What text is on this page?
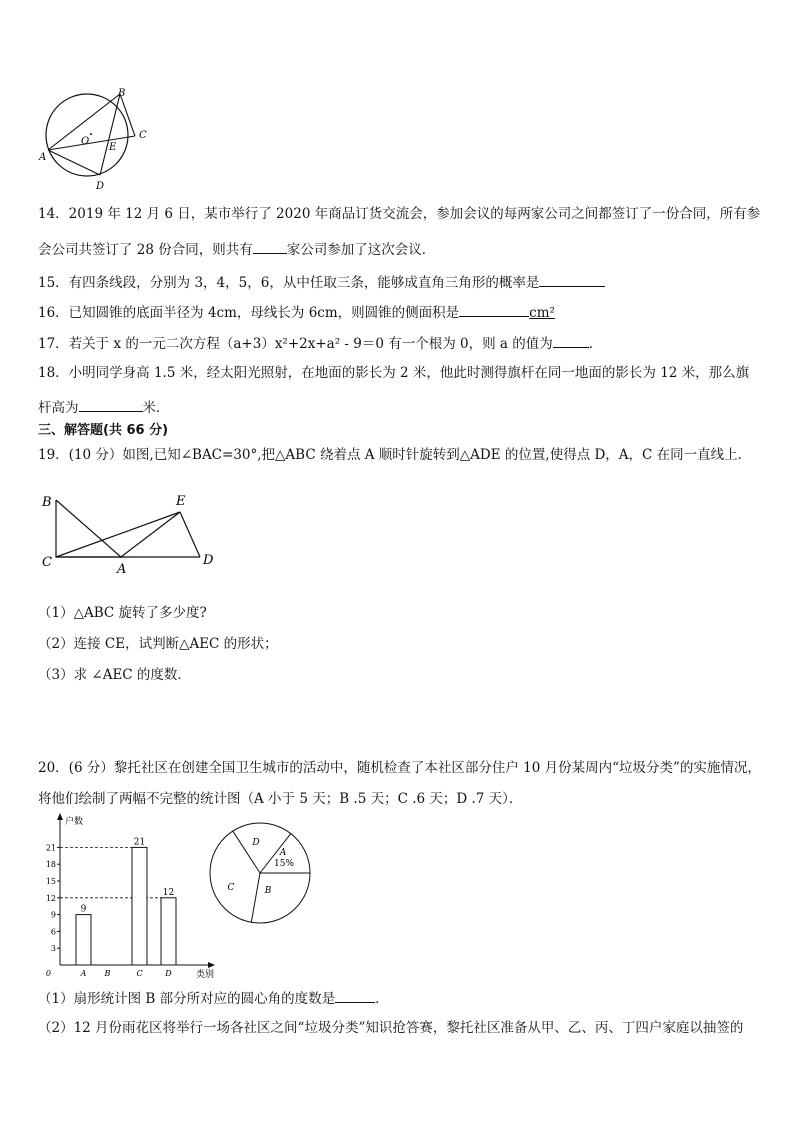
B
C
A
D
O
E
14．2019 年 12 月 6 日，某市举行了 2020 年商品订货交流会，参加会议的每两家公司之间都签订了一份合同，所有参
会公司共签订了 28 份合同，则共有	家公司参加了这次会议．
15．有四条线段，分别为 3，4，5，6，从中任取三条，能够成直角三角形的概率是
16．已知圆锥的底面半径为 4cm，母线长为 6cm，则圆锥的侧面积是	cm²
17．若关于 x 的一元二次方程（a+3）x²+2x+a² - 9＝0 有一个根为 0，则 a 的值为	．
18．小明同学身高 1.5 米，经太阳光照射，在地面的影长为 2 米，他此时测得旗杆在同一地面的影长为 12 米，那么旗
杆高为	米．
三、解答题(共 66 分)
19．(10 分）如图,已知∠BAC=30°,把△ABC 绕着点 A 顺时针旋转到△ADE 的位置,使得点 D，A，C 在同一直线上．
B	E
C	A
D
（1）△ABC 旋转了多少度?
（2）连接 CE，试判断△AEC 的形状；
（3）求 ∠AEC 的度数．
20．(6 分）黎托社区在创建全国卫生城市的活动中，随机检查了本社区部分住户 10 月份某周内“垃圾分类”的实施情况，
将他们绘制了两幅不完整的统计图（A 小于 5 天；B .5 天；C .6 天；D .7 天）．
户数
类别
0
3
6
9
12
15
18
21
A
9
B	C
21
D
12
A
B
C
D
15%
（1）扇形统计图 B 部分所对应的圆心角的度数是	．
（2）12 月份雨花区将举行一场各社区之间“垃圾分类”知识抢答赛，黎托社区准备从甲、乙、丙、丁四户家庭以抽签的
